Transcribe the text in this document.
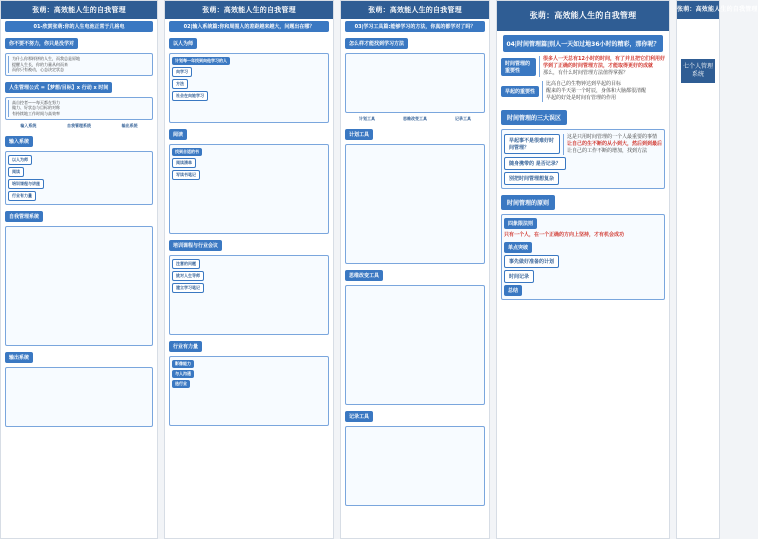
张萌：高效能人生的自我管理
01-欣赏张萌:你的人生电池正常于几格电
你不要不努力，你只是没学对
为什么你那样拼的人生，而我总是原地
提醒人生长，你的力量从何而来
而你只有被动，心态决定状态
人生管理公式 =【梦想/目标】x 行动 x 时间
高自控者——每天都在努力
做力、好状态与目标的对称
有持续地工作时间与高效率
输入系统	自我管理系统	输出系统
输入系统
以人为师
阅读
培训课程与讲座
行业有力量
自我管理系统
输出系统
张萌：高效能人生的自我管理
02|输入系统篇:你和周围人的差距越来越大，问题出在哪？
以人为师
计划每一年找到向他学习的人
向学习
方法
社会在向她学习
阅读
找到合适的书
阅读清单
写读书笔记
培训课程与行业会议
注意的问题
挑对人生导师
建立学习笔记
行业有力量
影像能力
与人沟通
选行业
张萌：高效能人生的自我管理
03|学习工具篇:能够学习的方法，你真的都学对了吗？
怎么样才能找到学习方法
计划工具	思维改变工具	记录工具
计划工具
思维改变工具
记录工具
张萌：高效能人生的自我管理
04|时间管理篇|别人一天如过地36小时的精彩，那你呢？
时间管理的重要性
很多人一天总有12小时的时间，有了并且把它们利用好
学到了正确的时间管理方法，才能取得更好的成就
那么，有什么时间管理方法值得掌握？
早起的重要性
比高自己的生物钟达到早起的目标
醒来的半天第一个时辰，身体和大脑都很清醒
早起的好处是时间有管理的作用
时间管理的三大误区
早起事不是很难好时间管理？
这是只用时间管理的一个人最重要的事情
让自己的生不断的从小到大，然后到到最后
让自己的工作不断的增加，找到方法
随身携带的 是否记录？
别把时间管理想复杂
时间管理的原则
四象限法则

只有一个人，在一个正确的方向上坚持，才有机会成功
单点突破
事先做好准备的计划
时间记录
总结
张萌：高效能人生的自我管理
七个人管理系统
